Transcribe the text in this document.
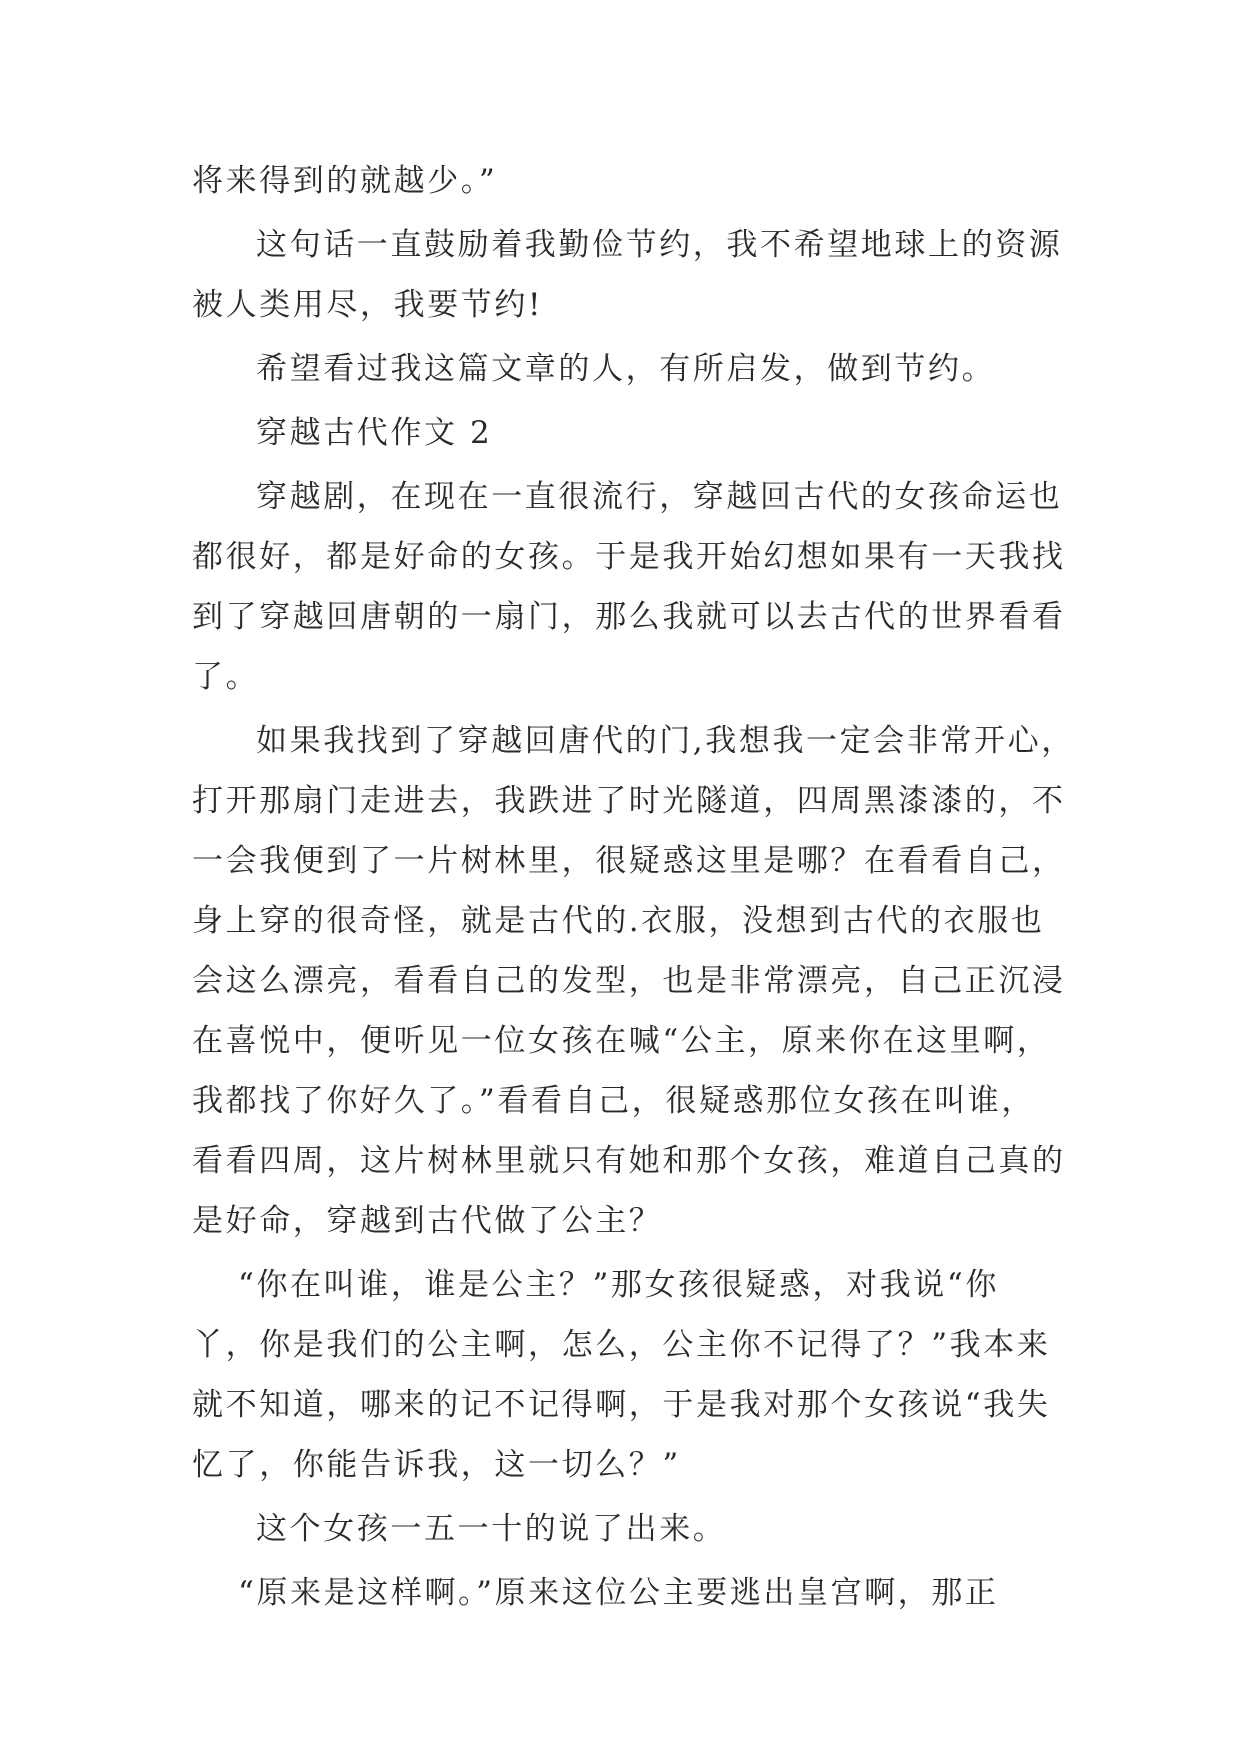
将来得到的就越少。”
这句话一直鼓励着我勤俭节约，我不希望地球上的资源
被人类用尽，我要节约!
希望看过我这篇文章的人，有所启发，做到节约。
穿越古代作文 2
穿越剧，在现在一直很流行，穿越回古代的女孩命运也
都很好，都是好命的女孩。于是我开始幻想如果有一天我找
到了穿越回唐朝的一扇门，那么我就可以去古代的世界看看
了。
如果我找到了穿越回唐代的门,我想我一定会非常开心，
打开那扇门走进去，我跌进了时光隧道，四周黑漆漆的，不
一会我便到了一片树林里，很疑惑这里是哪？在看看自己，
身上穿的很奇怪，就是古代的.衣服，没想到古代的衣服也
会这么漂亮，看看自己的发型，也是非常漂亮，自己正沉浸
在喜悦中，便听见一位女孩在喊“公主，原来你在这里啊，
我都找了你好久了。”看看自己，很疑惑那位女孩在叫谁，
看看四周，这片树林里就只有她和那个女孩，难道自己真的
是好命，穿越到古代做了公主？
“你在叫谁，谁是公主？”那女孩很疑惑，对我说“你
丫，你是我们的公主啊，怎么，公主你不记得了？”我本来
就不知道，哪来的记不记得啊，于是我对那个女孩说“我失
忆了，你能告诉我，这一切么？”
这个女孩一五一十的说了出来。
“原来是这样啊。”原来这位公主要逃出皇宫啊，那正
